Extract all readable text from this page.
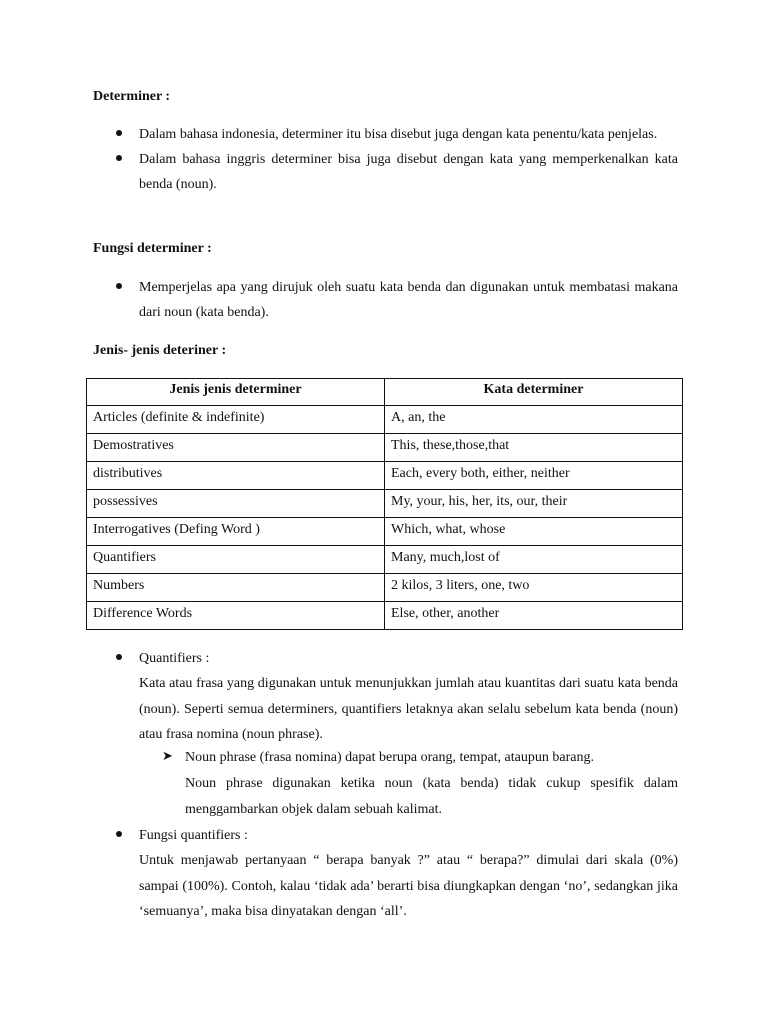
Determiner :
Dalam bahasa indonesia, determiner itu bisa disebut juga dengan kata penentu/kata penjelas.
Dalam bahasa inggris determiner bisa juga disebut dengan kata yang memperkenalkan kata benda (noun).
Fungsi determiner :
Memperjelas apa yang dirujuk oleh suatu kata benda dan digunakan untuk membatasi makana dari noun (kata benda).
Jenis- jenis deteriner :
Jenis jenis determiner	Kata determiner
Articles (definite & indefinite)	A, an, the
Demostratives	This, these,those,that
distributives	Each, every both, either, neither
possessives	My, your, his, her, its, our, their
Interrogatives (Defing Word )	Which, what, whose
Quantifiers	Many, much,lost of
Numbers	2 kilos, 3 liters, one, two
Difference Words	Else, other, another
Quantifiers :
Kata atau frasa yang digunakan untuk menunjukkan jumlah atau kuantitas dari suatu kata benda (noun). Seperti semua determiners, quantifiers letaknya akan selalu sebelum kata benda (noun) atau frasa nomina (noun phrase).
➤ Noun phrase (frasa nomina) dapat berupa orang, tempat, ataupun barang.
Noun phrase digunakan ketika noun (kata benda) tidak cukup spesifik dalam menggambarkan objek dalam sebuah kalimat.
Fungsi quantifiers :
Untuk menjawab pertanyaan “ berapa banyak ?” atau “ berapa?” dimulai dari skala (0%) sampai (100%). Contoh, kalau ‘tidak ada’ berarti bisa diungkapkan dengan ‘no’, sedangkan jika ‘semuanya’, maka bisa dinyatakan dengan ‘all’.
